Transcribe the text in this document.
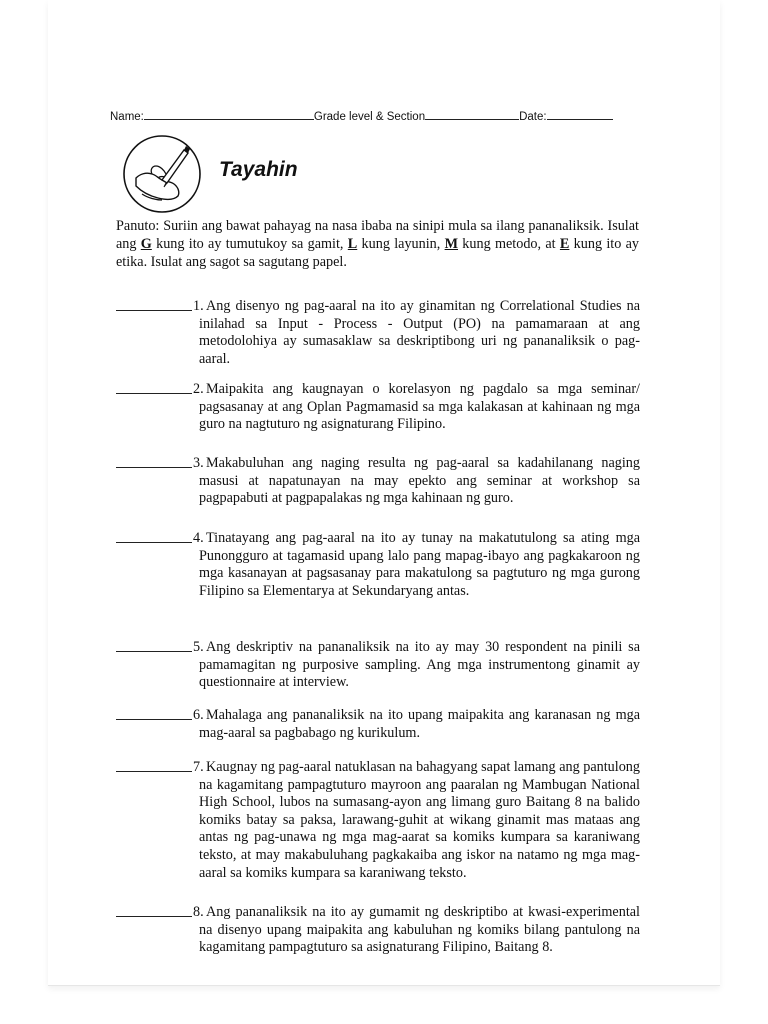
Name:	Grade level & Section	Date:
Tayahin
Panuto: Suriin ang bawat pahayag na nasa ibaba na sinipi mula sa ilang pananaliksik. Isulat ang G kung ito ay tumutukoy sa gamit, L kung layunin, M kung metodo, at E kung ito ay etika. Isulat ang sagot sa sagutang papel.
1. Ang disenyo ng pag-aaral na ito ay ginamitan ng Correlational Studies na inilahad sa Input - Process - Output (PO) na pamamaraan at ang metodolohiya ay sumasaklaw sa deskriptibong uri ng pananaliksik o pag-aaral.
2. Maipakita ang kaugnayan o korelasyon ng pagdalo sa mga seminar/ pagsasanay at ang Oplan Pagmamasid sa mga kalakasan at kahinaan ng mga guro na nagtuturo ng asignaturang Filipino.
3. Makabuluhan ang naging resulta ng pag-aaral sa kadahilanang naging masusi at napatunayan na may epekto ang seminar at workshop sa pagpapabuti at pagpapalakas ng mga kahinaan ng guro.
4. Tinatayang ang pag-aaral na ito ay tunay na makatutulong sa ating mga Punongguro at tagamasid upang lalo pang mapag-ibayo ang pagkakaroon ng mga kasanayan at pagsasanay para makatulong sa pagtuturo ng mga gurong Filipino sa Elementarya at Sekundaryang antas.
5. Ang deskriptiv na pananaliksik na ito ay may 30 respondent na pinili sa pamamagitan ng purposive sampling. Ang mga instrumentong ginamit ay questionnaire at interview.
6. Mahalaga ang pananaliksik na ito upang maipakita ang karanasan ng mga mag-aaral sa pagbabago ng kurikulum.
7. Kaugnay ng pag-aaral natuklasan na bahagyang sapat lamang ang pantulong na kagamitang pampagtuturo mayroon ang paaralan ng Mambugan National High School, lubos na sumasang-ayon ang limang guro Baitang 8 na balido komiks batay sa paksa, larawang-guhit at wikang ginamit mas mataas ang antas ng pag-unawa ng mga mag-aarat sa komiks kumpara sa karaniwang teksto, at may makabuluhang pagkakaiba ang iskor na natamo ng mga mag-aaral sa komiks kumpara sa karaniwang teksto.
8. Ang pananaliksik na ito ay gumamit ng deskriptibo at kwasi-experimental na disenyo upang maipakita ang kabuluhan ng komiks bilang pantulong na kagamitang pampagtuturo sa asignaturang Filipino, Baitang 8.
